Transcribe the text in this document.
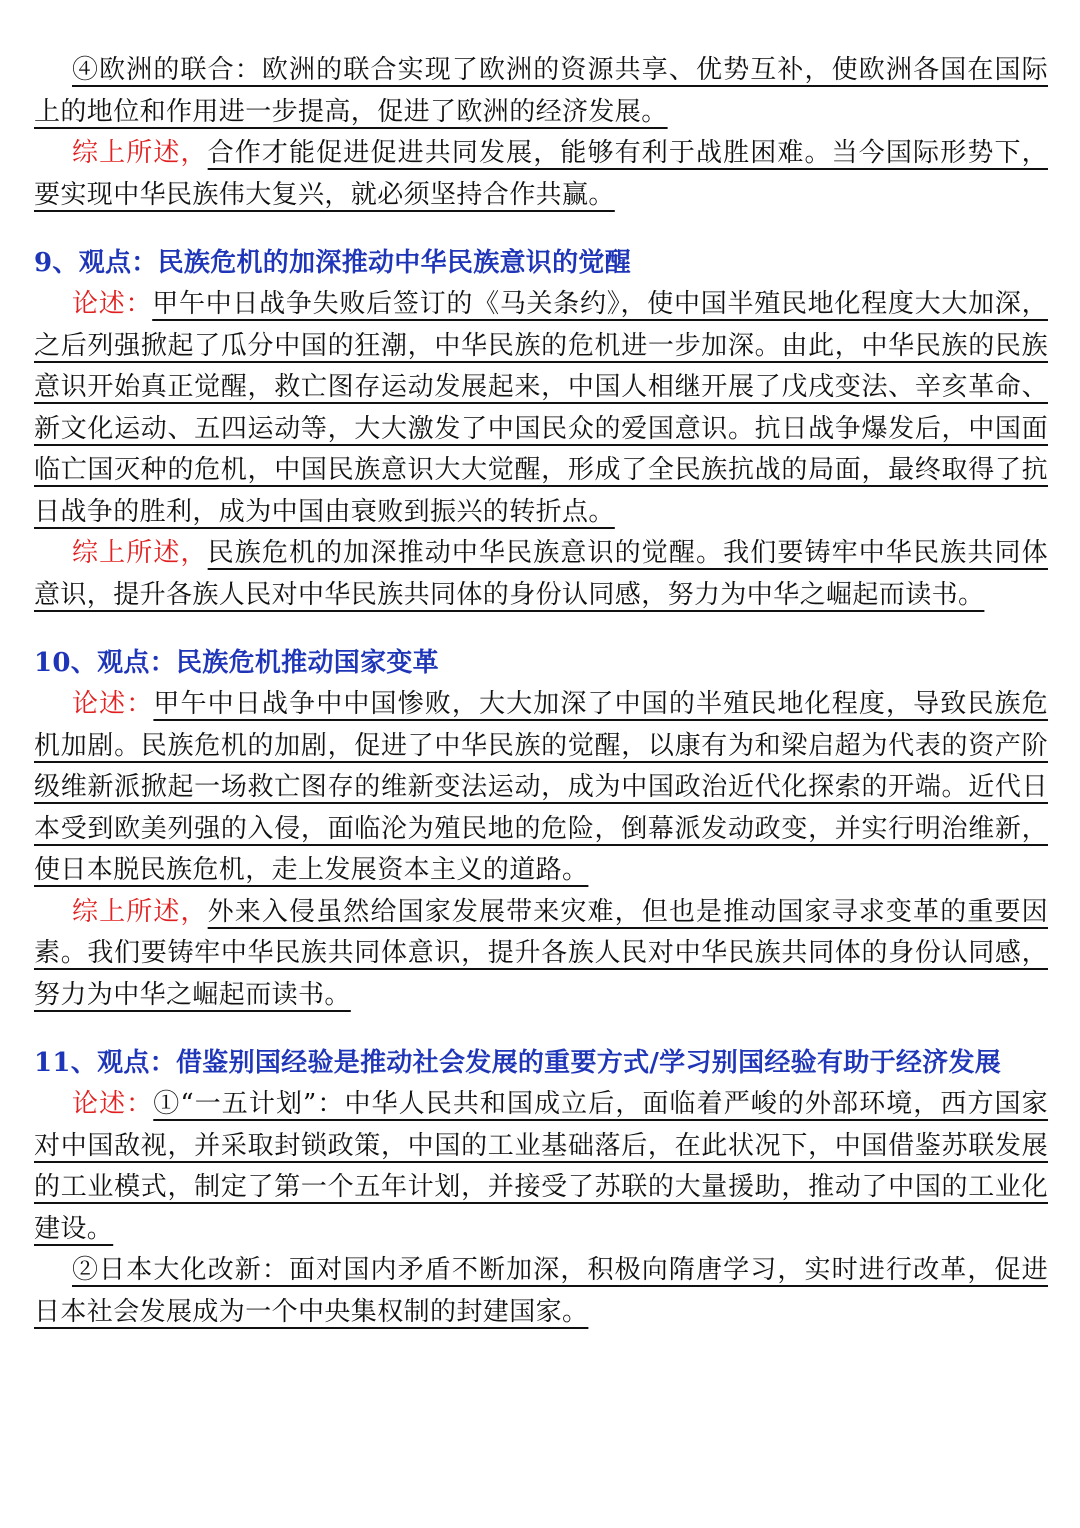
④欧洲的联合：欧洲的联合实现了欧洲的资源共享、优势互补，使欧洲各国在国际上的地位和作用进一步提高，促进了欧洲的经济发展。

综上所述，合作才能促进促进共同发展，能够有利于战胜困难。当今国际形势下，要实现中华民族伟大复兴，就必须坚持合作共赢。

9、观点：民族危机的加深推动中华民族意识的觉醒

论述：甲午中日战争失败后签订的《马关条约》，使中国半殖民地化程度大大加深，之后列强掀起了瓜分中国的狂潮，中华民族的危机进一步加深。由此，中华民族的民族意识开始真正觉醒，救亡图存运动发展起来，中国人相继开展了戊戌变法、辛亥革命、新文化运动、五四运动等，大大激发了中国民众的爱国意识。抗日战争爆发后，中国面临亡国灭种的危机，中国民族意识大大觉醒，形成了全民族抗战的局面，最终取得了抗日战争的胜利，成为中国由衰败到振兴的转折点。

综上所述，民族危机的加深推动中华民族意识的觉醒。我们要铸牢中华民族共同体意识，提升各族人民对中华民族共同体的身份认同感，努力为中华之崛起而读书。

10、观点：民族危机推动国家变革

论述：甲午中日战争中中国惨败，大大加深了中国的半殖民地化程度，导致民族危机加剧。民族危机的加剧，促进了中华民族的觉醒，以康有为和梁启超为代表的资产阶级维新派掀起一场救亡图存的维新变法运动，成为中国政治近代化探索的开端。近代日本受到欧美列强的入侵，面临沦为殖民地的危险，倒幕派发动政变，并实行明治维新，使日本脱民族危机，走上发展资本主义的道路。

综上所述，外来入侵虽然给国家发展带来灾难，但也是推动国家寻求变革的重要因素。我们要铸牢中华民族共同体意识，提升各族人民对中华民族共同体的身份认同感，努力为中华之崛起而读书。

11、观点：借鉴别国经验是推动社会发展的重要方式/学习别国经验有助于经济发展

论述：①“一五计划”：中华人民共和国成立后，面临着严峻的外部环境，西方国家对中国敌视，并采取封锁政策，中国的工业基础落后，在此状况下，中国借鉴苏联发展的工业模式，制定了第一个五年计划，并接受了苏联的大量援助，推动了中国的工业化建设。

②日本大化改新：面对国内矛盾不断加深，积极向隋唐学习，实时进行改革，促进日本社会发展成为一个中央集权制的封建国家。
